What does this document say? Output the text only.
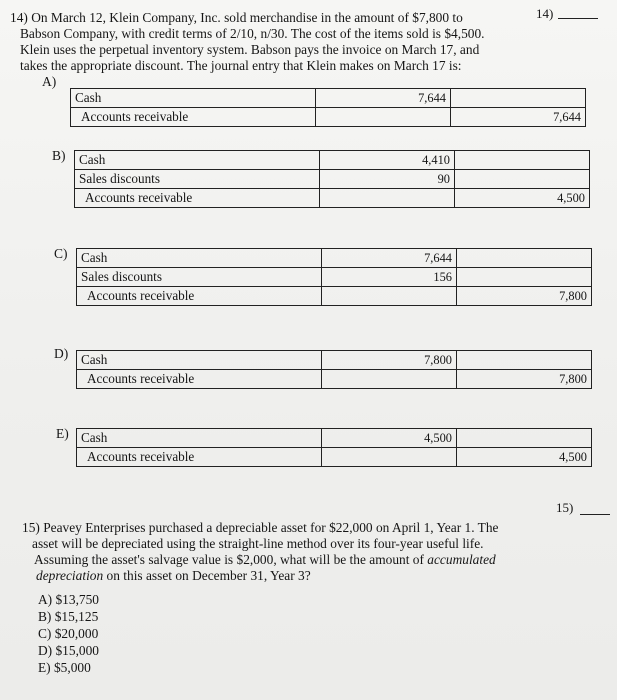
14)
14) On March 12, Klein Company, Inc. sold merchandise in the amount of $7,800 to
Babson Company, with credit terms of 2/10, n/30. The cost of the items sold is $4,500.
Klein uses the perpetual inventory system. Babson pays the invoice on March 17, and
takes the appropriate discount. The journal entry that Klein makes on March 17 is:
A)
Cash	7,644	
Accounts receivable		7,644
B) Cash	4,410	
Sales discounts	90	
Accounts receivable		4,500
C) Cash	7,644	
Sales discounts	156	
Accounts receivable		7,800
D) Cash	7,800	
Accounts receivable		7,800
E) Cash	4,500	
Accounts receivable		4,500
15)
15) Peavey Enterprises purchased a depreciable asset for $22,000 on April 1, Year 1. The
asset will be depreciated using the straight-line method over its four-year useful life.
Assuming the asset's salvage value is $2,000, what will be the amount of accumulated
depreciation on this asset on December 31, Year 3?
A) $13,750
B) $15,125
C) $20,000
D) $15,000
E) $5,000
